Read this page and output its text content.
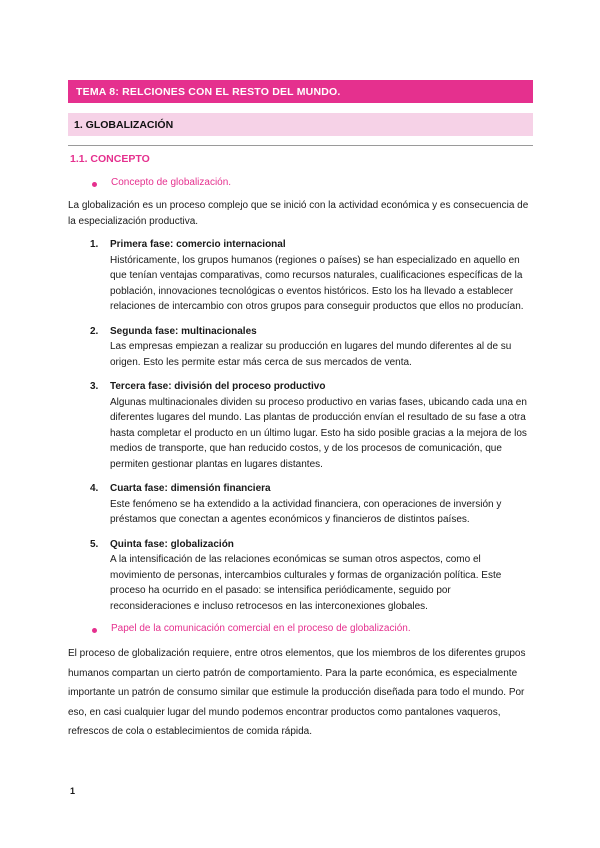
TEMA 8: RELCIONES CON EL RESTO DEL MUNDO.
1. GLOBALIZACIÓN
1.1. CONCEPTO
Concepto de globalización.

La globalización es un proceso complejo que se inició con la actividad económica y es consecuencia de la especialización productiva.

1.	Primera fase: comercio internacional
Históricamente, los grupos humanos (regiones o países) se han especializado en aquello en que tenían ventajas comparativas, como recursos naturales, cualificaciones específicas de la población, innovaciones tecnológicas o eventos históricos. Esto los ha llevado a establecer relaciones de intercambio con otros grupos para conseguir productos que ellos no producían.
2.	Segunda fase: multinacionales
Las empresas empiezan a realizar su producción en lugares del mundo diferentes al de su origen. Esto les permite estar más cerca de sus mercados de venta.
3.	Tercera fase: división del proceso productivo
Algunas multinacionales dividen su proceso productivo en varias fases, ubicando cada una en diferentes lugares del mundo. Las plantas de producción envían el resultado de su fase a otra hasta completar el producto en un último lugar. Esto ha sido posible gracias a la mejora de los medios de transporte, que han reducido costos, y de los procesos de comunicación, que permiten gestionar plantas en lugares distantes.
4.	Cuarta fase: dimensión financiera
Este fenómeno se ha extendido a la actividad financiera, con operaciones de inversión y préstamos que conectan a agentes económicos y financieros de distintos países.
5.	Quinta fase: globalización
A la intensificación de las relaciones económicas se suman otros aspectos, como el movimiento de personas, intercambios culturales y formas de organización política. Este proceso ha ocurrido en el pasado: se intensifica periódicamente, seguido por reconsideraciones e incluso retrocesos en las interconexiones globales.
Papel de la comunicación comercial en el proceso de globalización.

El proceso de globalización requiere, entre otros elementos, que los miembros de los diferentes grupos humanos compartan un cierto patrón de comportamiento. Para la parte económica, es especialmente importante un patrón de consumo similar que estimule la producción diseñada para todo el mundo. Por eso, en casi cualquier lugar del mundo podemos encontrar productos como pantalones vaqueros, refrescos de cola o establecimientos de comida rápida.

1
